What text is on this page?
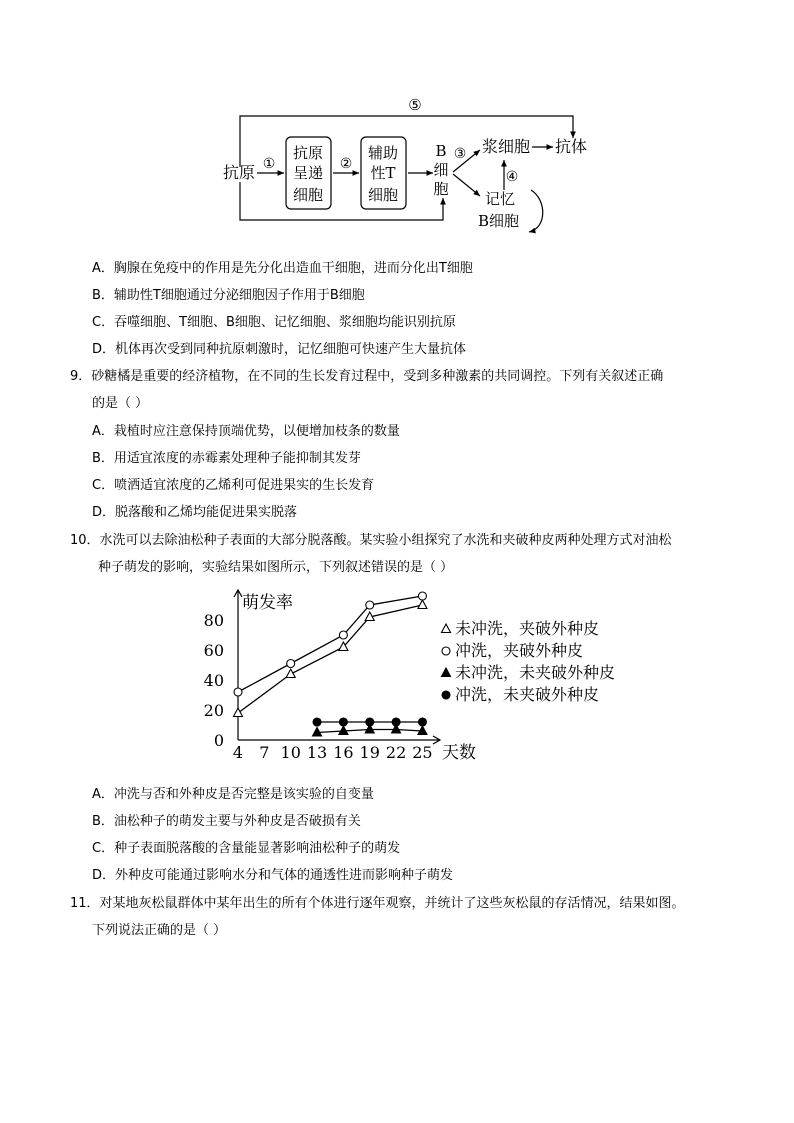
⑤
抗原 ①
抗原
呈递
细胞
②
辅助
性T
细胞
B
细
胞
③ 浆细胞 抗体
④
记忆
B细胞
A．胸腺在免疫中的作用是先分化出造血干细胞，进而分化出T细胞
B．辅助性T细胞通过分泌细胞因子作用于B细胞
C．吞噬细胞、T细胞、B细胞、记忆细胞、浆细胞均能识别抗原
D．机体再次受到同种抗原刺激时，记忆细胞可快速产生大量抗体
9．砂糖橘是重要的经济植物，在不同的生长发育过程中，受到多种激素的共同调控。下列有关叙述正确
的是（ ）
A．栽植时应注意保持顶端优势，以便增加枝条的数量
B．用适宜浓度的赤霉素处理种子能抑制其发芽
C．喷洒适宜浓度的乙烯利可促进果实的生长发育
D．脱落酸和乙烯均能促进果实脱落
10．水洗可以去除油松种子表面的大部分脱落酸。某实验小组探究了水洗和夹破种皮两种处理方式对油松
种子萌发的影响，实验结果如图所示，下列叙述错误的是（ ）
萌发率
天数
0
20
40
60
80
4 7 10 13 16 19 22 25
未冲洗，夹破外种皮
冲洗，夹破外种皮
未冲洗，未夹破外种皮
冲洗，未夹破外种皮
A．冲洗与否和外种皮是否完整是该实验的自变量
B．油松种子的萌发主要与外种皮是否破损有关
C．种子表面脱落酸的含量能显著影响油松种子的萌发
D．外种皮可能通过影响水分和气体的通透性进而影响种子萌发
11．对某地灰松鼠群体中某年出生的所有个体进行逐年观察，并统计了这些灰松鼠的存活情况，结果如图。
下列说法正确的是（ ）
